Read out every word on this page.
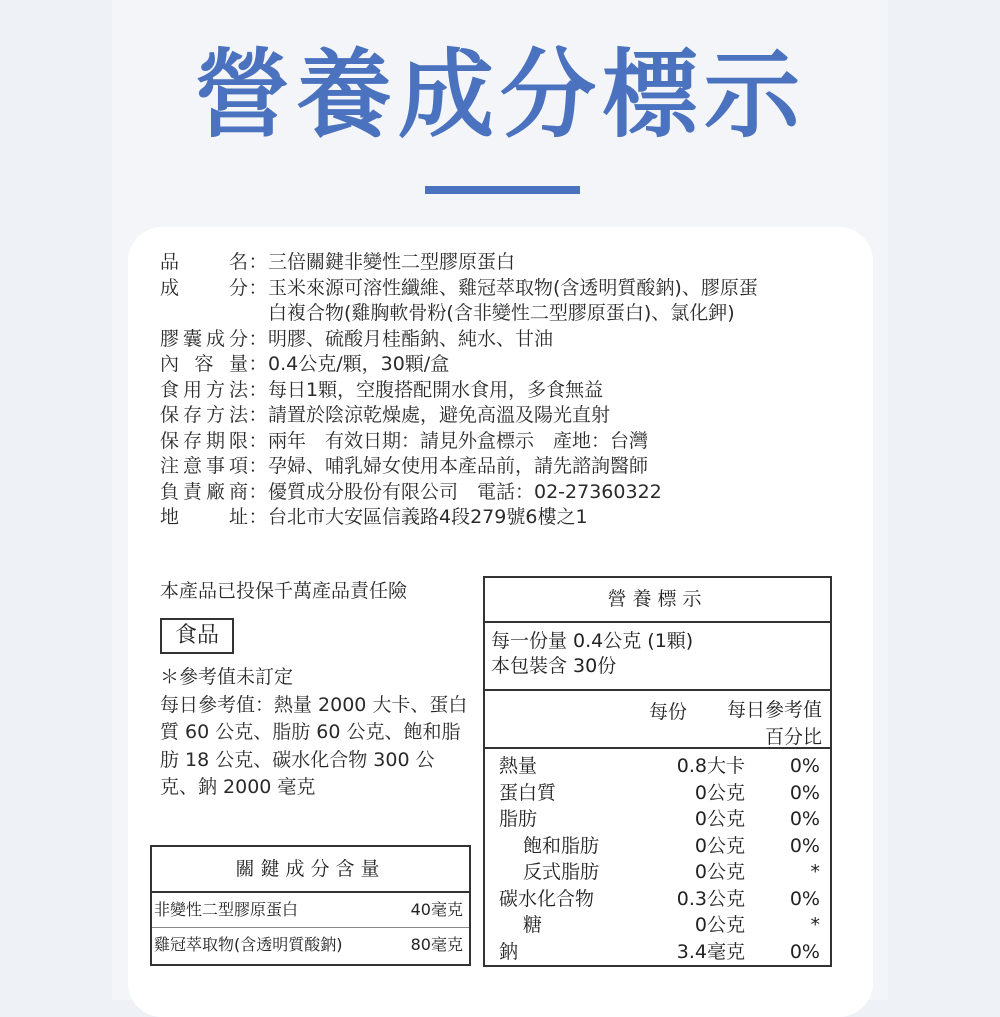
營養成分標示
品名 ： 三倍關鍵非變性二型膠原蛋白
成分 ： 玉米來源可溶性纖維、雞冠萃取物(含透明質酸鈉)、膠原蛋
白複合物(雞胸軟骨粉(含非變性二型膠原蛋白)、氯化鉀)
膠囊成分 ： 明膠、硫酸月桂酯鈉、純水、甘油
內容量 ： 0.4公克/顆，30顆/盒
食用方法 ： 每日1顆，空腹搭配開水食用，多食無益
保存方法 ： 請置於陰涼乾燥處，避免高溫及陽光直射
保存期限 ： 兩年　有效日期：請見外盒標示　產地：台灣
注意事項 ： 孕婦、哺乳婦女使用本產品前，請先諮詢醫師
負責廠商 ： 優質成分股份有限公司　電話：02-27360322
地址 ： 台北市大安區信義路4段279號6樓之1
本產品已投保千萬產品責任險
食品
＊參考值未訂定
每日參考值：熱量 2000 大卡、蛋白質 60 公克、脂肪 60 公克、飽和脂肪 18 公克、碳水化合物 300 公克、鈉 2000 毫克
關鍵成分含量
非變性二型膠原蛋白	40毫克
雞冠萃取物(含透明質酸鈉)	80毫克
營養標示
每一份量 0.4公克 (1顆)
本包裝含 30份
每份 每日參考值
百分比
熱量	0.8大卡 0%
蛋白質	0公克 0%
脂肪	0公克 0%
飽和脂肪	0公克 0%
反式脂肪	0公克	*
碳水化合物	0.3公克 0%
糖	0公克	*
鈉	3.4毫克 0%
